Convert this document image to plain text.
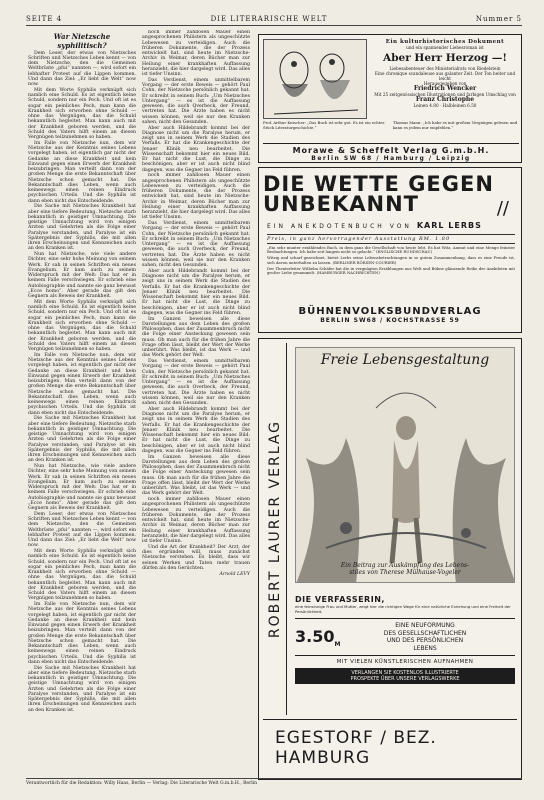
SEITE 4	DIE LITERARISCHE WELT	Nummer 5

War Nietzsche syphilitisch?

Dem Leser, der etwas von Nietzsches Schriften und Nietzsches Leben kennt — von dem Nietzsche, den die Gemeinen Weltbrüste „pfui“ nannten —, wird sofort ein lebhafter Protest auf die Lippen kommen. Und dann das Ziel: „Er liebt die Welt“ now now.

Mit dem Worte Syphilis verknüpft sich namlich eine Schuld. Es ist eigentlich keine Schuld, sondern nur ein Pech. Und oft ist es sogar ein peinliches Pech, man kann die Krankheit sich erworben ohne Schuld — ohne das Vergnügen, das die Schuld bekanntlich begleitet. Man kann auch mit der Krankheit geboren werden, und die Schuld des Vaters hilft einem an diesen Vergnügen teilzunehmen so haben.

Im Falle von Nietzsche nun, dem wir Nietzsche aus der Kenntnis seines Lebens vorgelegt haben, ist eigentlich gar nicht der Gedanke an diese Krankheit und kein Einwand gegen einen Erwerb der Krankheit beizubringen. Man verteilt dann von der großen Menge die erste Bekanntschaft über Nietzsche schon gemacht hat. Die Bekanntschaft dies Leben, wenn auch keineswegs einen reinen Eindruck psychischen Urteils. Und die Syphilis ist dann eben nicht das Entscheidende.

Die Sache mit Nietzsches Krankheit hat aber eine tiefere Bedeutung. Nietzsche starb bekanntlich in geistiger Umnachtung. Die geistige Umnachtung wird von einigen Ärzten und Gelehrten als die Folge einer Paralyse verstanden, und Paralyse ist ein Spätergebnis der Syphilis, die mit allen ihren Erscheinungen und Kennzeichen auch an den Kranken ist.

Nun hat Nietzsche, wie viele andere Dichter, eine sehr hohe Meinung von seinem Werk. Er sah in seinen Schriften ein neues Evangelium. Er kam auch zu seinem Widerspruch mit der Welt: Das hat er in keinem Falle verschwiegen. Er schrieb eine Autobiographie und nannte sie ganz bewusst „Ecce homo“. Aber gerade das gilt den Gegnern als Beweis der Krankheit.

Mit dem Worte Syphilis verknüpft sich namlich eine Schuld. Es ist eigentlich keine Schuld, sondern nur ein Pech. Und oft ist es sogar ein peinliches Pech, man kann die Krankheit sich erworben ohne Schuld — ohne das Vergnügen, das die Schuld bekanntlich begleitet. Man kann auch mit der Krankheit geboren werden, und die Schuld des Vaters hilft einem an diesen Vergnügen teilzunehmen so haben.

Im Falle von Nietzsche nun, dem wir Nietzsche aus der Kenntnis seines Lebens vorgelegt haben, ist eigentlich gar nicht der Gedanke an diese Krankheit und kein Einwand gegen einen Erwerb der Krankheit beizubringen. Man verteilt dann von der großen Menge die erste Bekanntschaft über Nietzsche schon gemacht hat. Die Bekanntschaft dies Leben, wenn auch keineswegs einen reinen Eindruck psychischen Urteils. Und die Syphilis ist dann eben nicht das Entscheidende.

Die Sache mit Nietzsches Krankheit hat aber eine tiefere Bedeutung. Nietzsche starb bekanntlich in geistiger Umnachtung. Die geistige Umnachtung wird von einigen Ärzten und Gelehrten als die Folge einer Paralyse verstanden, und Paralyse ist ein Spätergebnis der Syphilis, die mit allen ihren Erscheinungen und Kennzeichen auch an den Kranken ist.

Nun hat Nietzsche, wie viele andere Dichter, eine sehr hohe Meinung von seinem Werk. Er sah in seinen Schriften ein neues Evangelium. Er kam auch zu seinem Widerspruch mit der Welt: Das hat er in keinem Falle verschwiegen. Er schrieb eine Autobiographie und nannte sie ganz bewusst „Ecce homo“. Aber gerade das gilt den Gegnern als Beweis der Krankheit.

Dem Leser, der etwas von Nietzsches Schriften und Nietzsches Leben kennt — von dem Nietzsche, den die Gemeinen Weltbrüste „pfui“ nannten —, wird sofort ein lebhafter Protest auf die Lippen kommen. Und dann das Ziel: „Er liebt die Welt“ now now.

Mit dem Worte Syphilis verknüpft sich namlich eine Schuld. Es ist eigentlich keine Schuld, sondern nur ein Pech. Und oft ist es sogar ein peinliches Pech, man kann die Krankheit sich erworben ohne Schuld — ohne das Vergnügen, das die Schuld bekanntlich begleitet. Man kann auch mit der Krankheit geboren werden, und die Schuld des Vaters hilft einem an diesen Vergnügen teilzunehmen so haben.

Im Falle von Nietzsche nun, dem wir Nietzsche aus der Kenntnis seines Lebens vorgelegt haben, ist eigentlich gar nicht der Gedanke an diese Krankheit und kein Einwand gegen einen Erwerb der Krankheit beizubringen. Man verteilt dann von der großen Menge die erste Bekanntschaft über Nietzsche schon gemacht hat. Die Bekanntschaft dies Leben, wenn auch keineswegs einen reinen Eindruck psychischen Urteils. Und die Syphilis ist dann eben nicht das Entscheidende.

Die Sache mit Nietzsches Krankheit hat aber eine tiefere Bedeutung. Nietzsche starb bekanntlich in geistiger Umnachtung. Die geistige Umnachtung wird von einigen Ärzten und Gelehrten als die Folge einer Paralyse verstanden, und Paralyse ist ein Spätergebnis der Syphilis, die mit allen ihren Erscheinungen und Kennzeichen auch an den Kranken ist.

noch immer zahllosen Mauer einen angesprochenen Philistern als ungeschützte Lebewesen zu verteidigen. Auch die früheren Dokumente, die der Prozess entwickelt hat, sind heute im Nietzsche-Archiv in Weimar, deren Bücher man zur Heilung einer krankhaften Auffassung heranzieht, die hier dargelegt wird. Das alles ist tiefer Unsinn.

Das Verdienst, einem unmittelbarem Vorgang — der erste Beweis — gehört Paul Cohn, der Nietzsche persönlich gekannt hat. Er schreibt in seinem Buch: „Um Nietzsches Untergang“ — es ist die Auffassung gewesen, die auch Overbeck, der Freund, vertreten hat. Die Ärzte haben es nicht wissen können, weil sie nur den Kranken sahen, nicht den Gesunden.

Aber auch Hildebrandt kommt bei der Diagnose nicht um die Paralyse herum, er zeigt uns in seinem Werk die Stadien des Verfalls. Er hat die Krankengeschichte der Jenaer Klinik neu bearbeitet. Die Wissenschaft bekommt hier ein neues Bild. Er hat nicht die Lust, die Dinge zu beschönigen, aber er ist auch nicht blind dagegen, was die Gegner ins Feld führen.

noch immer zahllosen Mauer einen angesprochenen Philistern als ungeschützte Lebewesen zu verteidigen. Auch die früheren Dokumente, die der Prozess entwickelt hat, sind heute im Nietzsche-Archiv in Weimar, deren Bücher man zur Heilung einer krankhaften Auffassung heranzieht, die hier dargelegt wird. Das alles ist tiefer Unsinn.

Das Verdienst, einem unmittelbarem Vorgang — der erste Beweis — gehört Paul Cohn, der Nietzsche persönlich gekannt hat. Er schreibt in seinem Buch: „Um Nietzsches Untergang“ — es ist die Auffassung gewesen, die auch Overbeck, der Freund, vertreten hat. Die Ärzte haben es nicht wissen können, weil sie nur den Kranken sahen, nicht den Gesunden.

Aber auch Hildebrandt kommt bei der Diagnose nicht um die Paralyse herum, er zeigt uns in seinem Werk die Stadien des Verfalls. Er hat die Krankengeschichte der Jenaer Klinik neu bearbeitet. Die Wissenschaft bekommt hier ein neues Bild. Er hat nicht die Lust, die Dinge zu beschönigen, aber er ist auch nicht blind dagegen, was die Gegner ins Feld führen.

Im Ganzen beweisen alle diese Darstellungen aus dem Leben des großen Philosophen, dass der Zusammenbruch nicht die Folge einer Ansteckung gewesen sein muss. Ob man auch für die frühen Jahre die Frage offen lässt, bleibt der Wert der Werke unberührt. Was bleibt, ist das Werk — und das Werk gehört der Welt.

Das Verdienst, einem unmittelbarem Vorgang — der erste Beweis — gehört Paul Cohn, der Nietzsche persönlich gekannt hat. Er schreibt in seinem Buch: „Um Nietzsches Untergang“ — es ist die Auffassung gewesen, die auch Overbeck, der Freund, vertreten hat. Die Ärzte haben es nicht wissen können, weil sie nur den Kranken sahen, nicht den Gesunden.

Aber auch Hildebrandt kommt bei der Diagnose nicht um die Paralyse herum, er zeigt uns in seinem Werk die Stadien des Verfalls. Er hat die Krankengeschichte der Jenaer Klinik neu bearbeitet. Die Wissenschaft bekommt hier ein neues Bild. Er hat nicht die Lust, die Dinge zu beschönigen, aber er ist auch nicht blind dagegen, was die Gegner ins Feld führen.

Im Ganzen beweisen alle diese Darstellungen aus dem Leben des großen Philosophen, dass der Zusammenbruch nicht die Folge einer Ansteckung gewesen sein muss. Ob man auch für die frühen Jahre die Frage offen lässt, bleibt der Wert der Werke unberührt. Was bleibt, ist das Werk — und das Werk gehört der Welt.

noch immer zahllosen Mauer einen angesprochenen Philistern als ungeschützte Lebewesen zu verteidigen. Auch die früheren Dokumente, die der Prozess entwickelt hat, sind heute im Nietzsche-Archiv in Weimar, deren Bücher man zur Heilung einer krankhaften Auffassung heranzieht, die hier dargelegt wird. Das alles ist tiefer Unsinn.

Und die Art der Krankheit? Der Arzt, der dies ergründen will, muss zunächst Nietzsche verstehen. Es bleibt, dass wir seinen Werken und Taten mehr trauen dürfen als den Gerüchten.

Arnold LEVY

Ein kulturhistorisches Dokument
und ein spannender Liebesroman ist
Aber Herr Herzog —!
Liebesabenteuer des Ministerialrats von Riedelstein
Eine chronique scandaleuse aus galanter Zeit. Der Ton heiter und leicht
Herausgegeben von
Friedrich Wencker
Mit 25 zeitgenössischen Illustrationen und farbigen Umschlag von
Franz Christophe
Leinen 4.80 · Halbleinen 6.50
Prof. Arthur Kutscher: „Das Buch ist sehr gut. Es ist ein echtes Stück Literaturgeschichte.“
Thomas Mann: „Ich habe es mit großem Vergnügen gelesen und kann es jedem nur empfehlen.“
Morawe & Scheffelt Verlag G.m.b.H.
Berlin SW 68 / Hamburg / Leipzig
DIE WETTE GEGEN
UNBEKANNT	//
EIN ANEKDOTENBUCH VON KARL LERBS
Preis, in ganz hervorragender Ausstattung RM. 1.80

„Ein sehr munter erzählendes Buch, in dem ganz die Gesellschaft von heute lebt. Es hat Witz, Anmut und eine Menge feinster Beobachtungen. Ich habe seit langem nicht so gelacht.“ (ENGLISCHE RUNDSCHAU)

Witzig und scharf gezeichnet, bietet Lerbs seine Lebensbetrachtungen in so gutem Zusammenhang, dass es eine Freude ist, sich davon unterhalten zu lassen. (BERLINER BÖRSEN-COURIER)

Der Theaterleiter Wilhelm Schäfer hat die in vergnügten Erzählungen aus Welt und Bühne glänzende Reihe der Anekdoten mit großer Liebe gesammelt. (HAMBURGER NACHRICHTEN)

BÜHNENVOLKSBUNDVERLAG
BERLIN SW68 / KOCHSTRASSE 59
ROBERT LAURER VERLAG
Freie Lebensgestaltung
Ein Beitrag zur Auskämpfung des Lebens-
stiles von Therese Mülhause-Vogeler
DIE VERFASSERIN,
eine feinsinnige Frau und Mutter, zeigt hier die richtigen Wege für eine natürliche Erziehung und eine Freiheit der Persönlichkeit.
$3.50_M$
EINE NEUFORMUNG
DES GESELLSCHAFTLICHEN
UND DES PERSÖNLICHEN
LEBENS
MIT VIELEN KÜNSTLERISCHEN AUFNAHMEN
VERLANGEN SIE KOSTENLOS ILLUSTRIERTE
PROSPEKTE ÜBER UNSERE VERLAGSWERKE
EGESTORF / BEZ. HAMBURG
Verantwortlich für die Redaktion: Willy Haas, Berlin — Verlag: Die Literarische Welt G.m.b.H., Berlin
